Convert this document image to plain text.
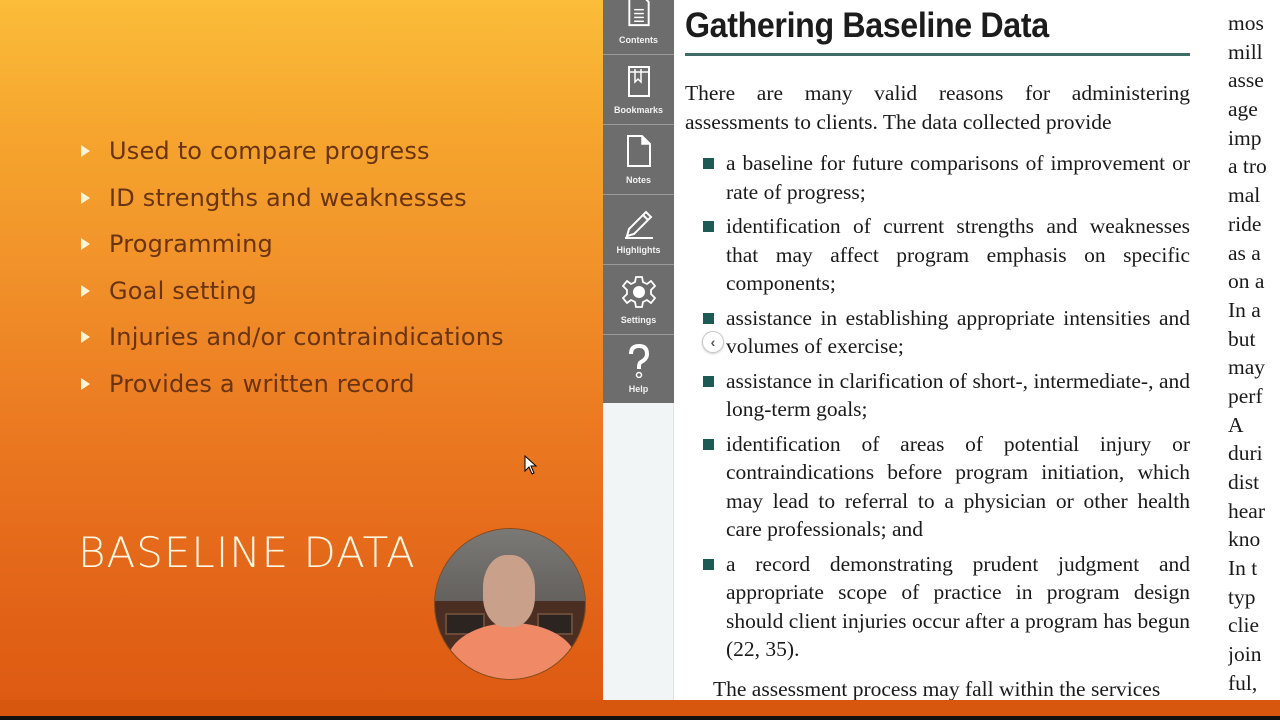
Used to compare progress
ID strengths and weaknesses
Programming
Goal setting
Injuries and/or contraindications
Provides a written record
BASELINE DATA
Contents
Bookmarks
Notes
Highlights
Settings
Help
‹
Gathering Baseline Data

There are many valid reasons for administering assessments to clients. The data collected provide

a baseline for future comparisons of improvement or rate of progress;
identification of current strengths and weaknesses that may affect program emphasis on specific components;
assistance in establishing appropriate intensities and volumes of exercise;
assistance in clarification of short-, intermediate-, and long-term goals;
identification of areas of potential injury or contraindications before program initiation, which may lead to referral to a physician or other health care professionals; and
a record demonstrating prudent judgment and appropriate scope of practice in program design should client injuries occur after a program has begun (22, 35).

The assessment process may fall within the services

mos
mill
asse
age
imp
a tro
mal
ride
as a
on a
In a
but
may
perf
A
duri
dist
hear
kno
In t
typ
clie
join
ful,
